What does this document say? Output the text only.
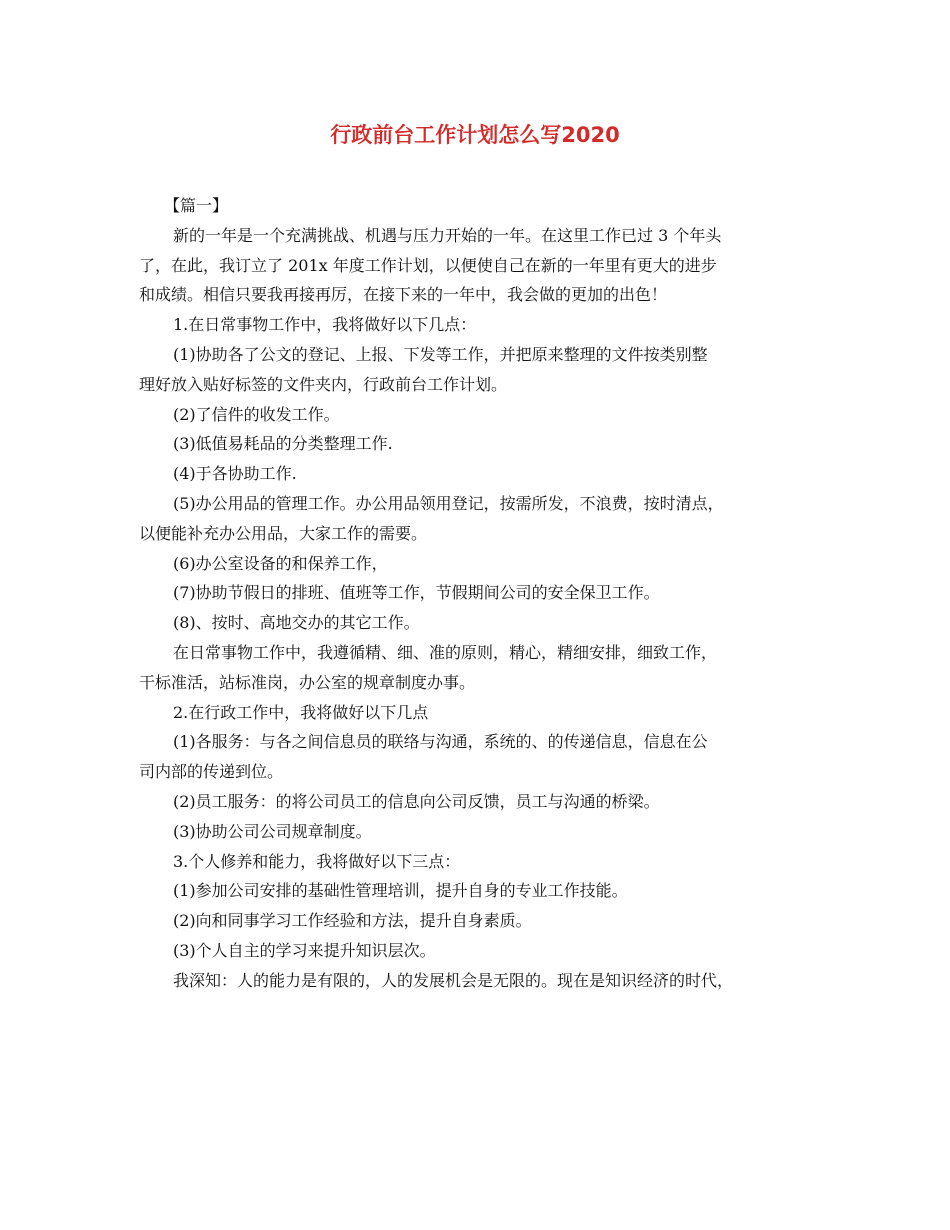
行政前台工作计划怎么写2020

【篇一】

新的一年是一个充满挑战、机遇与压力开始的一年。在这里工作已过 3 个年头

了，在此，我订立了 201x 年度工作计划，以便使自己在新的一年里有更大的进步

和成绩。相信只要我再接再厉，在接下来的一年中，我会做的更加的出色！

1.在日常事物工作中，我将做好以下几点：

(1)协助各了公文的登记、上报、下发等工作，并把原来整理的文件按类别整

理好放入贴好标签的文件夹内，行政前台工作计划。

(2)了信件的收发工作。

(3)低值易耗品的分类整理工作.

(4)于各协助工作.

(5)办公用品的管理工作。办公用品领用登记，按需所发，不浪费，按时清点，

以便能补充办公用品，大家工作的需要。

(6)办公室设备的和保养工作，

(7)协助节假日的排班、值班等工作，节假期间公司的安全保卫工作。

(8)、按时、高地交办的其它工作。

在日常事物工作中，我遵循精、细、准的原则，精心，精细安排，细致工作，

干标准活，站标准岗，办公室的规章制度办事。

2.在行政工作中，我将做好以下几点

(1)各服务：与各之间信息员的联络与沟通，系统的、的传递信息，信息在公

司内部的传递到位。

(2)员工服务：的将公司员工的信息向公司反馈，员工与沟通的桥梁。

(3)协助公司公司规章制度。

3.个人修养和能力，我将做好以下三点：

(1)参加公司安排的基础性管理培训，提升自身的专业工作技能。

(2)向和同事学习工作经验和方法，提升自身素质。

(3)个人自主的学习来提升知识层次。

我深知：人的能力是有限的，人的发展机会是无限的。现在是知识经济的时代，
